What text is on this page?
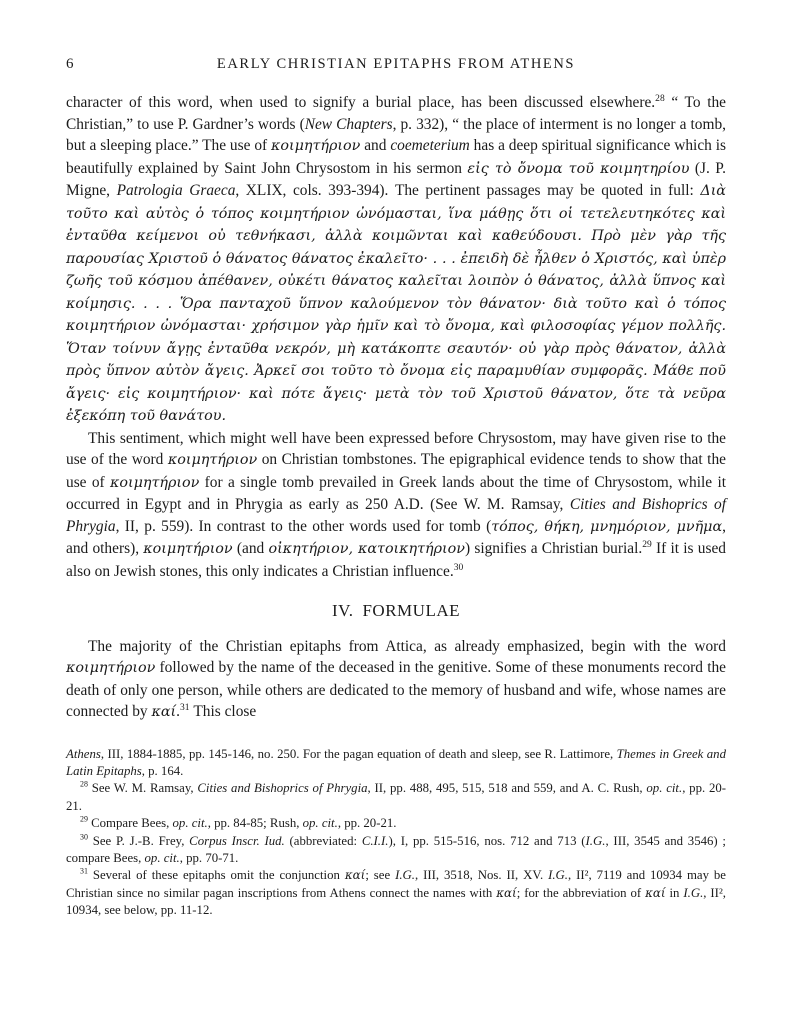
6	EARLY CHRISTIAN EPITAPHS FROM ATHENS

character of this word, when used to signify a burial place, has been discussed elsewhere.$^{28}$ “ To the Christian,” to use P. Gardner’s words (New Chapters, p. 332), “ the place of interment is no longer a tomb, but a sleeping place.” The use of κοιμητήριον and coemeterium has a deep spiritual significance which is beautifully explained by Saint John Chrysostom in his sermon εἰς τὸ ὄνομα τοῦ κοιμητηρίου (J. P. Migne, Patrologia Graeca, XLIX, cols. 393-394). The pertinent passages may be quoted in full: Διὰ τοῦτο καὶ αὐτὸς ὁ τόπος κοιμητήριον ὠνόμασται, ἵνα μάθῃς ὅτι οἱ τετελευτηκότες καὶ ἐνταῦθα κείμενοι οὐ τεθνήκασι, ἀλλὰ κοιμῶνται καὶ καθεύδουσι. Πρὸ μὲν γὰρ τῆς παρουσίας Χριστοῦ ὁ θάνατος θάνατος ἐκαλεῖτο· . . . ἐπειδὴ δὲ ἦλθεν ὁ Χριστός, καὶ ὑπὲρ ζωῆς τοῦ κόσμου ἀπέθανεν, οὐκέτι θάνατος καλεῖται λοιπὸν ὁ θάνατος, ἀλλὰ ὕπνος καὶ κοίμησις. . . . Ὅρα πανταχοῦ ὕπνον καλούμενον τὸν θάνατον· διὰ τοῦτο καὶ ὁ τόπος κοιμητήριον ὠνόμασται· χρήσιμον γὰρ ἡμῖν καὶ τὸ ὄνομα, καὶ φιλοσοφίας γέμον πολλῆς. Ὅταν τοίνυν ἄγῃς ἐνταῦθα νεκρόν, μὴ κατάκοπτε σεαυτόν· οὐ γὰρ πρὸς θάνατον, ἀλλὰ πρὸς ὕπνον αὐτὸν ἄγεις. Ἀρκεῖ σοι τοῦτο τὸ ὄνομα εἰς παραμυθίαν συμφορᾶς. Μάθε ποῦ ἄγεις· εἰς κοιμητήριον· καὶ πότε ἄγεις· μετὰ τὸν τοῦ Χριστοῦ θάνατον, ὅτε τὰ νεῦρα ἐξεκόπη τοῦ θανάτου.

This sentiment, which might well have been expressed before Chrysostom, may have given rise to the use of the word κοιμητήριον on Christian tombstones. The epigraphical evidence tends to show that the use of κοιμητήριον for a single tomb prevailed in Greek lands about the time of Chrysostom, while it occurred in Egypt and in Phrygia as early as 250 A.D. (See W. M. Ramsay, Cities and Bishoprics of Phrygia, II, p. 559). In contrast to the other words used for tomb (τόπος, θήκη, μνημόριον, μνῆμα, and others), κοιμητήριον (and οἰκητήριον, κατοικητήριον) signifies a Christian burial.$^{29}$ If it is used also on Jewish stones, this only indicates a Christian influence.$^{30}$

IV. FORMULAE

The majority of the Christian epitaphs from Attica, as already emphasized, begin with the word κοιμητήριον followed by the name of the deceased in the genitive. Some of these monuments record the death of only one person, while others are dedicated to the memory of husband and wife, whose names are connected by καί.$^{31}$ This close

Athens, III, 1884-1885, pp. 145-146, no. 250. For the pagan equation of death and sleep, see R. Lattimore, Themes in Greek and Latin Epitaphs, p. 164.

$^{28}$ See W. M. Ramsay, Cities and Bishoprics of Phrygia, II, pp. 488, 495, 515, 518 and 559, and A. C. Rush, op. cit., pp. 20-21.

$^{29}$ Compare Bees, op. cit., pp. 84-85; Rush, op. cit., pp. 20-21.

$^{30}$ See P. J.-B. Frey, Corpus Inscr. Iud. (abbreviated: C.I.I.), I, pp. 515-516, nos. 712 and 713 (I.G., III, 3545 and 3546) ; compare Bees, op. cit., pp. 70-71.

$^{31}$ Several of these epitaphs omit the conjunction καί; see I.G., III, 3518, Nos. II, XV. I.G., II², 7119 and 10934 may be Christian since no similar pagan inscriptions from Athens connect the names with καί; for the abbreviation of καί in I.G., II², 10934, see below, pp. 11-12.
